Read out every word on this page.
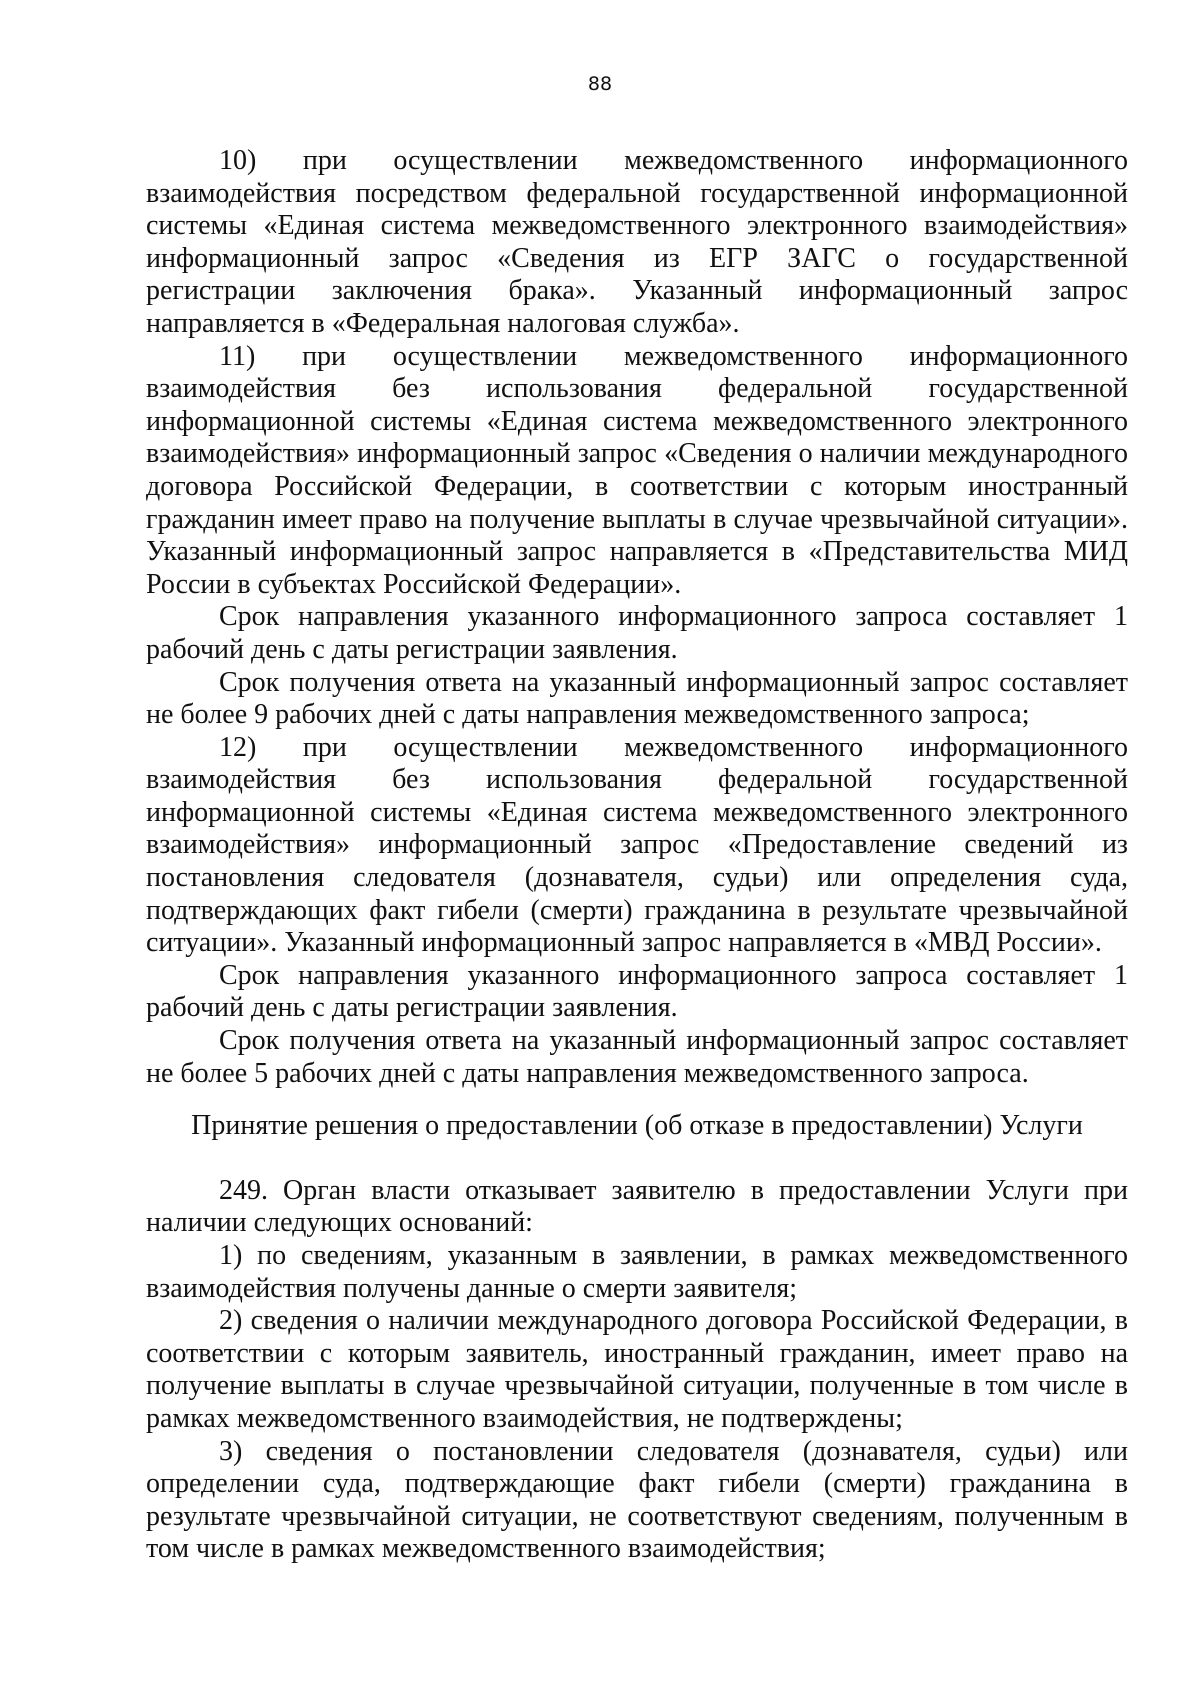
88

10) при осуществлении межведомственного информационного взаимодействия посредством федеральной государственной информационной системы «Единая система межведомственного электронного взаимодействия» информационный запрос «Сведения из ЕГР ЗАГС о государственной регистрации заключения брака». Указанный информационный запрос направляется в «Федеральная налоговая служба».

11) при осуществлении межведомственного информационного взаимодействия без использования федеральной государственной информационной системы «Единая система межведомственного электронного взаимодействия» информационный запрос «Сведения о наличии международного договора Российской Федерации, в соответствии с которым иностранный гражданин имеет право на получение выплаты в случае чрезвычайной ситуации». Указанный информационный запрос направляется в «Представительства МИД России в субъектах Российской Федерации».

Срок направления указанного информационного запроса составляет 1 рабочий день с даты регистрации заявления.

Срок получения ответа на указанный информационный запрос составляет не более 9 рабочих дней с даты направления межведомственного запроса;

12) при осуществлении межведомственного информационного взаимодействия без использования федеральной государственной информационной системы «Единая система межведомственного электронного взаимодействия» информационный запрос «Предоставление сведений из постановления следователя (дознавателя, судьи) или определения суда, подтверждающих факт гибели (смерти) гражданина в результате чрезвычайной ситуации». Указанный информационный запрос направляется в «МВД России».

Срок направления указанного информационного запроса составляет 1 рабочий день с даты регистрации заявления.

Срок получения ответа на указанный информационный запрос составляет не более 5 рабочих дней с даты направления межведомственного запроса.

Принятие решения о предоставлении (об отказе в предоставлении) Услуги

249. Орган власти отказывает заявителю в предоставлении Услуги при наличии следующих оснований:

1) по сведениям, указанным в заявлении, в рамках межведомственного взаимодействия получены данные о смерти заявителя;

2) сведения о наличии международного договора Российской Федерации, в соответствии с которым заявитель, иностранный гражданин, имеет право на получение выплаты в случае чрезвычайной ситуации, полученные в том числе в рамках межведомственного взаимодействия, не подтверждены;

3) сведения о постановлении следователя (дознавателя, судьи) или определении суда, подтверждающие факт гибели (смерти) гражданина в результате чрезвычайной ситуации, не соответствуют сведениям, полученным в том числе в рамках межведомственного взаимодействия;
